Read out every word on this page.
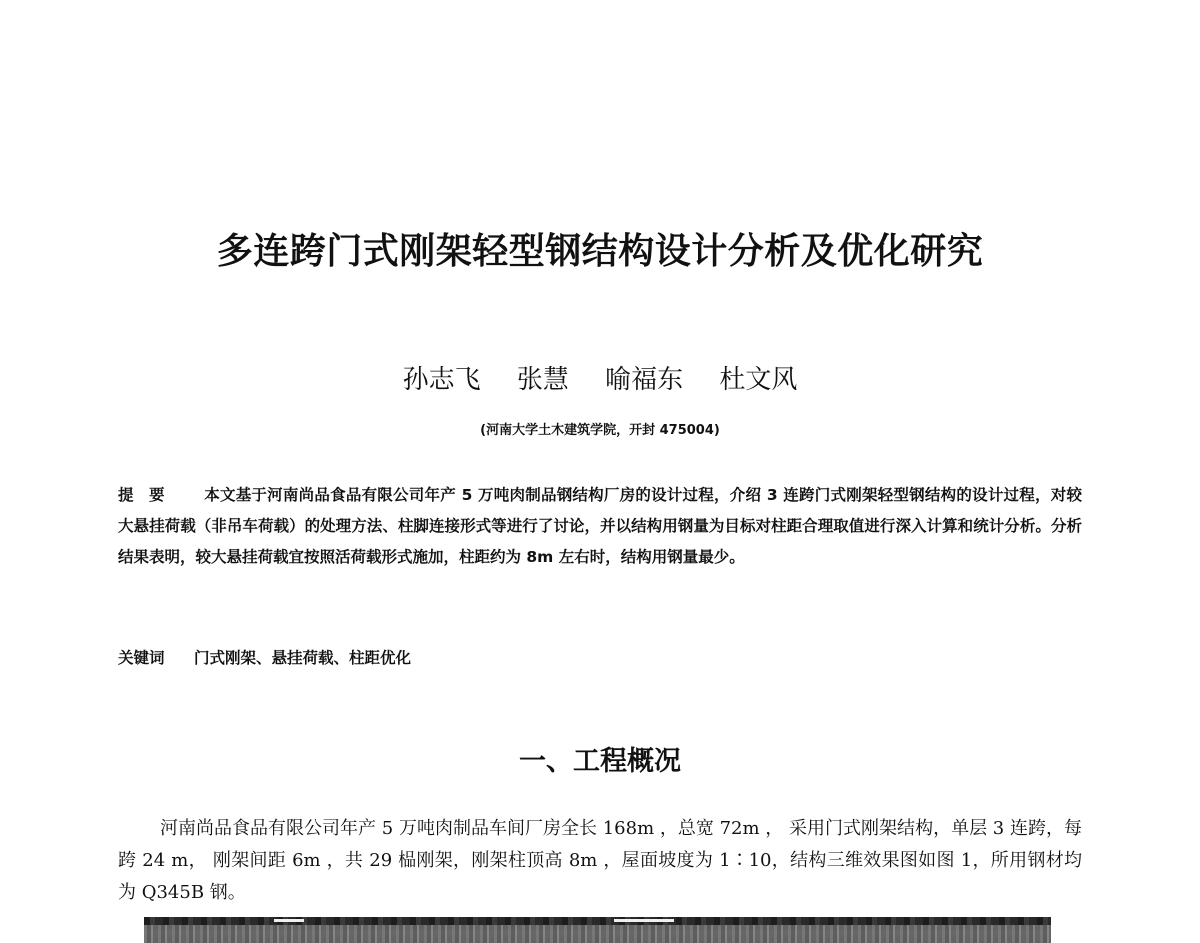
多连跨门式刚架轻型钢结构设计分析及优化研究
孙志飞 张慧 喻福东 杜文风
(河南大学土木建筑学院，开封 475004)

提　要	本文基于河南尚品食品有限公司年产 5 万吨肉制品钢结构厂房的设计过程，介绍 3 连跨门式刚架轻型钢结构的设计过程，对较大悬挂荷载（非吊车荷载）的处理方法、柱脚连接形式等进行了讨论，并以结构用钢量为目标对柱距合理取值进行深入计算和统计分析。分析结果表明，较大悬挂荷载宜按照活荷载形式施加，柱距约为 8m 左右时，结构用钢量最少。

关键词 门式刚架、悬挂荷载、柱距优化

一、工程概况

河南尚品食品有限公司年产 5 万吨肉制品车间厂房全长 168m ，总宽 72m ， 采用门式刚架结构，单层 3 连跨，每跨 24 m， 刚架间距 6m ，共 29 榀刚架，刚架柱顶高 8m ，屋面坡度为 1∶10，结构三维效果图如图 1，所用钢材均为 Q345B 钢。
